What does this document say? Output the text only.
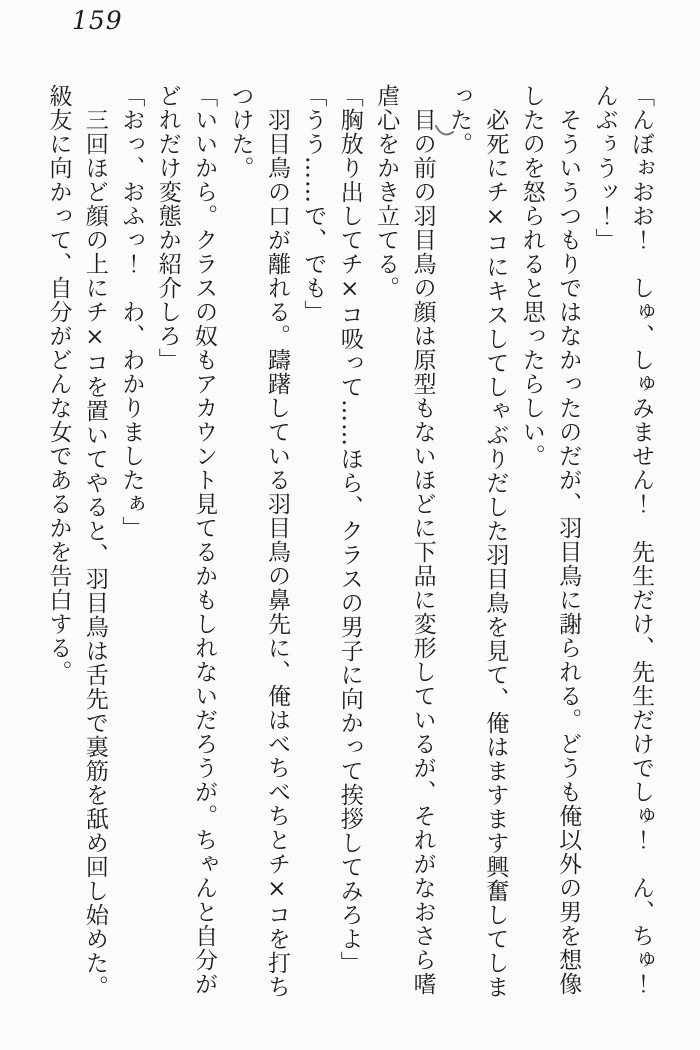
159
「んぼぉおお！　しゅ、しゅみません！　先生だけ、先生だけでしゅ！　ん、ちゅ！
んぶぅうッ！」
そういうつもりではなかったのだが、羽目鳥に謝られる。どうも俺以外の男を想像
したのを怒られると思ったらしい。
必死にチ×コにキスしてしゃぶりだした羽目鳥を見て、俺はますます興奮してしま
った。
目の前の羽目鳥の顔は原型もないほどに下品に変形しているが、それがなおさら嗜
虐心をかき立てる。
「胸放り出してチ×コ吸って……ほら、クラスの男子に向かって挨拶してみろよ」
「うう……で、でも」
羽目鳥の口が離れる。躊躇している羽目鳥の鼻先に、俺はべちべちとチ×コを打ち
つけた。
「いいから。クラスの奴もアカウント見てるかもしれないだろうが。ちゃんと自分が
どれだけ変態か紹介しろ」
「おっ、おふっ！　わ、わかりましたぁ」
三回ほど顔の上にチ×コを置いてやると、羽目鳥は舌先で裏筋を舐め回し始めた。
級友に向かって、自分がどんな女であるかを告白する。
